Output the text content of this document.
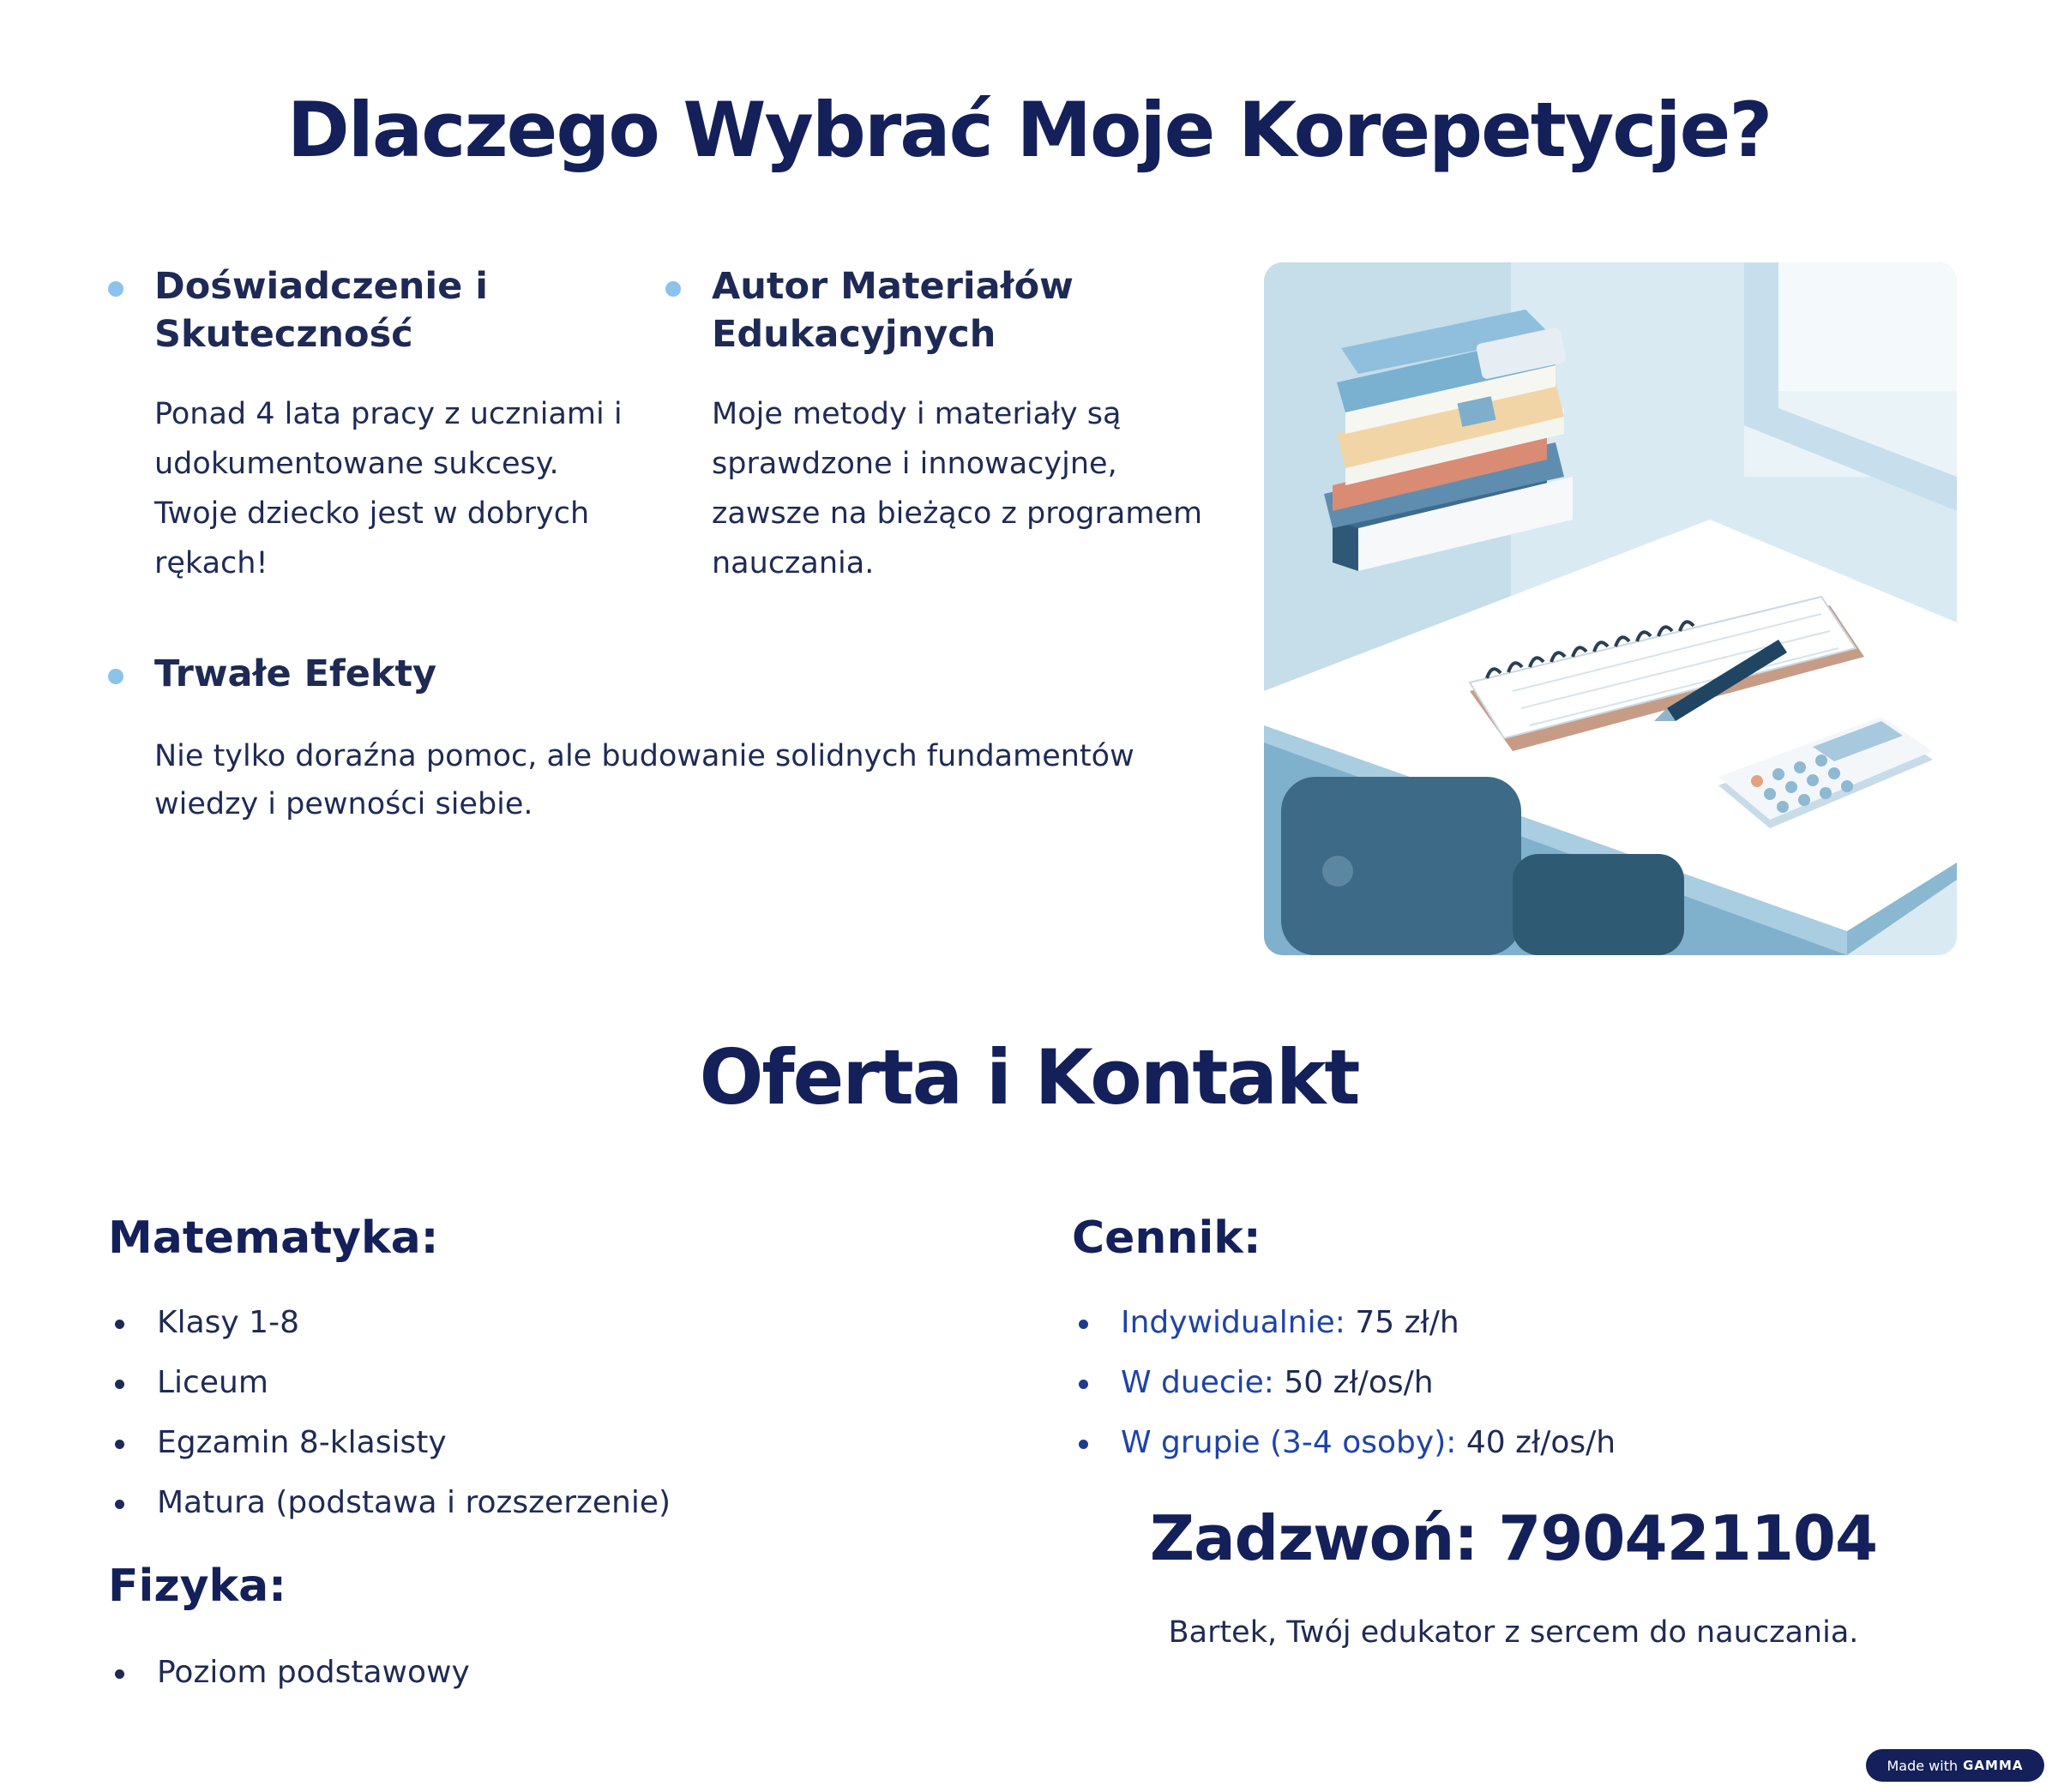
Dlaczego Wybrać Moje Korepetycje?
Doświadczenie i Skuteczność

Ponad 4 lata pracy z uczniami i udokumentowane sukcesy. Twoje dziecko jest w dobrych rękach!

Autor Materiałów Edukacyjnych

Moje metody i materiały są sprawdzone i innowacyjne, zawsze na bieżąco z programem nauczania.

Trwałe Efekty

Nie tylko doraźna pomoc, ale budowanie solidnych fundamentów wiedzy i pewności siebie.

Oferta i Kontakt
Matematyka:
Klasy 1-8
Liceum
Egzamin 8-klasisty
Matura (podstawa i rozszerzenie)
Fizyka:
Poziom podstawowy
Cennik:
Indywidualnie: 75 zł/h
W duecie: 50 zł/os/h
W grupie (3-4 osoby): 40 zł/os/h
Zadzwoń: 790421104
Bartek, Twój edukator z sercem do nauczania.
Made with GAMMA
